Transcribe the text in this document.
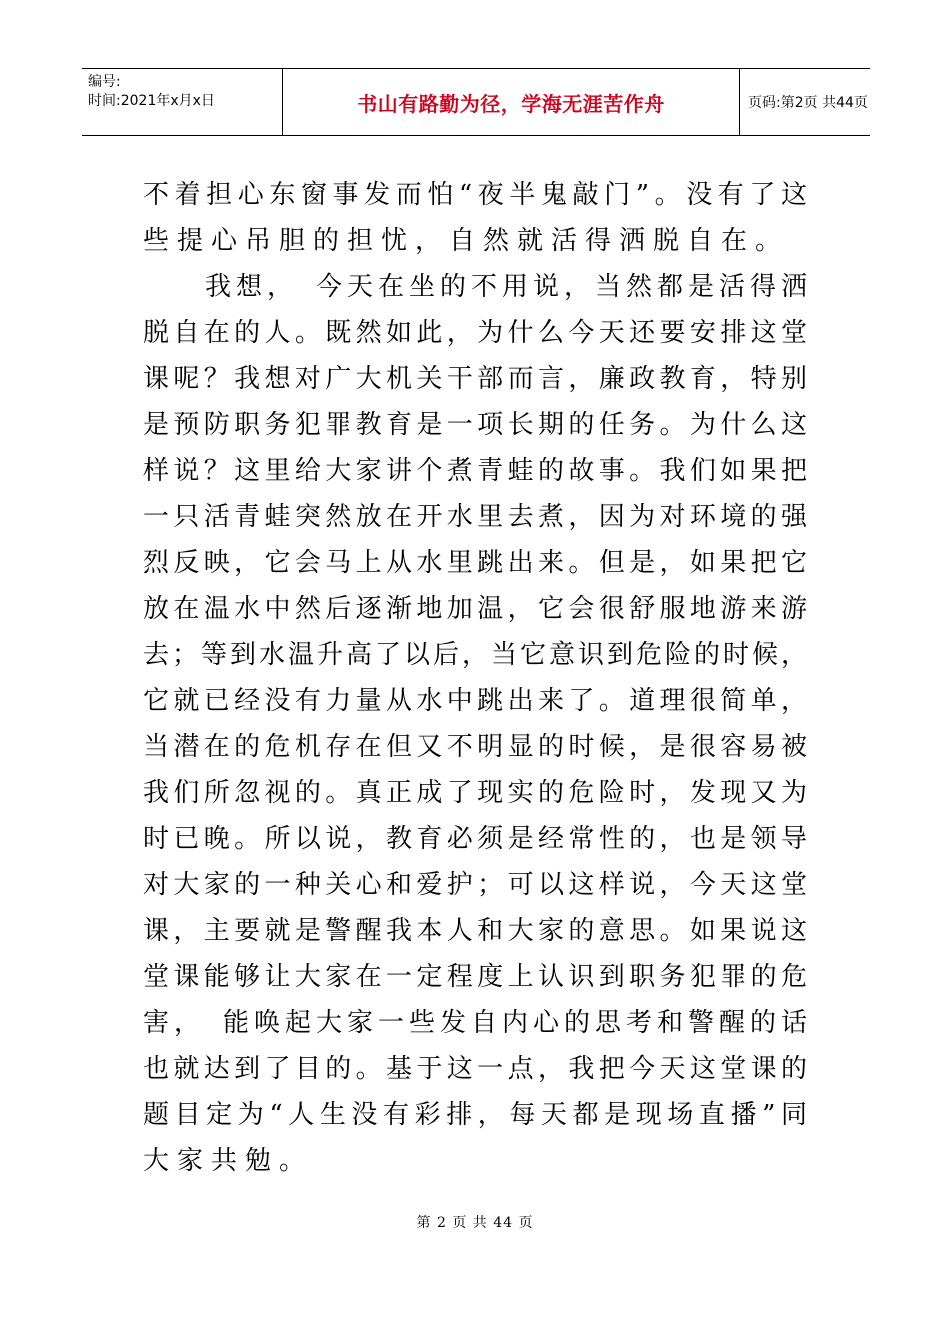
编号:
时间:2021年x月x日	书山有路勤为径，学海无涯苦作舟	页码:第2页 共44页
不着担心东窗事发而怕“夜半鬼敲门”。没有了这
些提心吊胆的担忧，自然就活得洒脱自在。
　　我想，　今天在坐的不用说，当然都是活得洒
脱自在的人。既然如此，为什么今天还要安排这堂
课呢？我想对广大机关干部而言，廉政教育，特别
是预防职务犯罪教育是一项长期的任务。为什么这
样说？这里给大家讲个煮青蛙的故事。我们如果把
一只活青蛙突然放在开水里去煮，因为对环境的强
烈反映，它会马上从水里跳出来。但是，如果把它
放在温水中然后逐渐地加温，它会很舒服地游来游
去；等到水温升高了以后，当它意识到危险的时候，
它就已经没有力量从水中跳出来了。道理很简单，
当潜在的危机存在但又不明显的时候，是很容易被
我们所忽视的。真正成了现实的危险时，发现又为
时已晚。所以说，教育必须是经常性的，也是领导
对大家的一种关心和爱护；可以这样说，今天这堂
课，主要就是警醒我本人和大家的意思。如果说这
堂课能够让大家在一定程度上认识到职务犯罪的危
害，　能唤起大家一些发自内心的思考和警醒的话
也就达到了目的。基于这一点，我把今天这堂课的
题目定为“人生没有彩排，每天都是现场直播”同
大家共勉。
第 2 页 共 44 页
